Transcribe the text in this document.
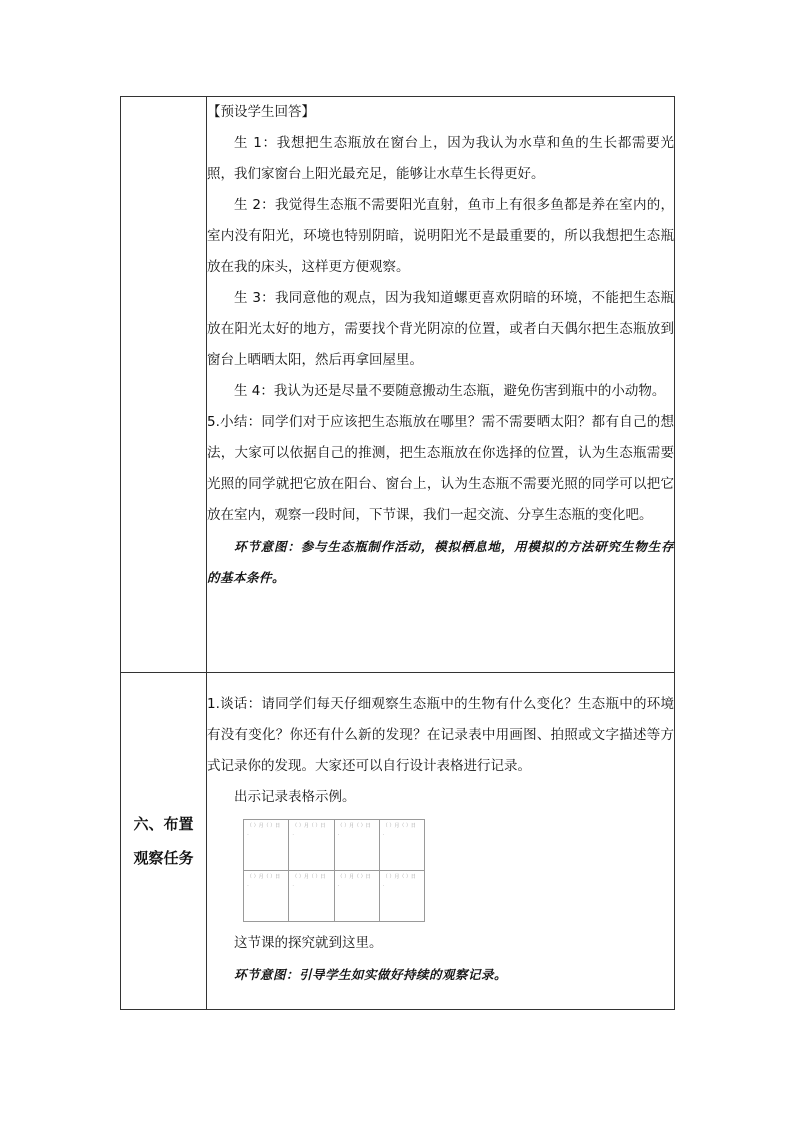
【预设学生回答】

生 1：我想把生态瓶放在窗台上，因为我认为水草和鱼的生长都需要光照，我们家窗台上阳光最充足，能够让水草生长得更好。

生 2：我觉得生态瓶不需要阳光直射，鱼市上有很多鱼都是养在室内的，室内没有阳光，环境也特别阴暗，说明阳光不是最重要的，所以我想把生态瓶放在我的床头，这样更方便观察。

生 3：我同意他的观点，因为我知道螺更喜欢阴暗的环境，不能把生态瓶放在阳光太好的地方，需要找个背光阴凉的位置，或者白天偶尔把生态瓶放到窗台上晒晒太阳，然后再拿回屋里。

生 4：我认为还是尽量不要随意搬动生态瓶，避免伤害到瓶中的小动物。

5.小结：同学们对于应该把生态瓶放在哪里？需不需要晒太阳？都有自己的想法，大家可以依据自己的推测，把生态瓶放在你选择的位置，认为生态瓶需要光照的同学就把它放在阳台、窗台上，认为生态瓶不需要光照的同学可以把它放在室内，观察一段时间，下节课，我们一起交流、分享生态瓶的变化吧。

环节意图：参与生态瓶制作活动，模拟栖息地，用模拟的方法研究生物生存的基本条件。

六、布置观察任务

1.谈话：请同学们每天仔细观察生态瓶中的生物有什么变化？生态瓶中的环境有没有变化？你还有什么新的发现？在记录表中用画图、拍照或文字描述等方式记录你的发现。大家还可以自行设计表格进行记录。

出示记录表格示例。

（ ）月（ ）日
·
	（ ）月（ ）日
·
	（ ）月（ ）日
·
	（ ）月（ ）日
·

（ ）月（ ）日
·
	（ ）月（ ）日
·
	（ ）月（ ）日
·
	（ ）月（ ）日
·

这节课的探究就到这里。

环节意图：引导学生如实做好持续的观察记录。
